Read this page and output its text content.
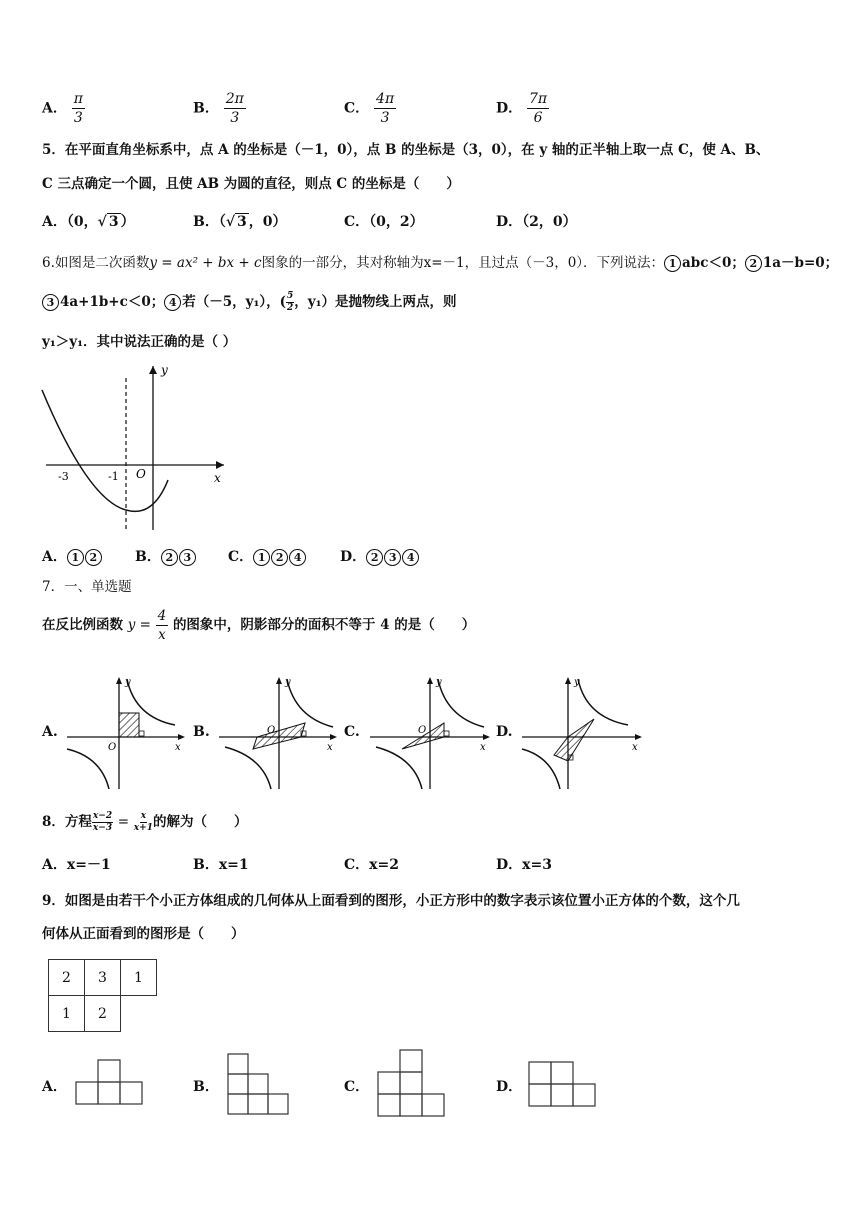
A． $\frac{\pi}{3}$	B． $\frac{2\pi}{3}$	C． $\frac{4\pi}{3}$	D． $\frac{7\pi}{6}$
5．在平面直角坐标系中，点 A 的坐标是（－1，0），点 B 的坐标是（3，0），在 y 轴的正半轴上取一点 C，使 A、B、
C 三点确定一个圆，且使 AB 为圆的直径，则点 C 的坐标是（　　）
A．（0，√ 3 ）	B．（√ 3 ，0）	C．（0，2）	D．（2，0）
6.如图是二次函数y = ax² + bx + c图象的一部分，其对称轴为x=－1，且过点（－3，0）．下列说法： 1 abc＜0； 2 1a－b=0；
3 4a+1b+c＜0； 4 若（－5，y₁），( $\frac{5}{2}$ ，y₁）是抛物线上两点，则
y₁＞y₁．其中说法正确的是（ ）
y
x
O
-3	-1
A． 1 2	B． 2 3	C． 1 2 4	D． 2 3 4
7．一、单选题
在反比例函数 $y = \frac{4}{x}$ 的图象中，阴影部分的面积不等于 4 的是（　　）
A.
y
x
O
B.
y
x
O	C.
y
x
O	D.
y
x
8．方程 $\frac{x-2}{x-3} = \frac{x}{x+1}$ 的解为（　　）
A．x=－1	B．x=1	C．x=2	D．x=3
9．如图是由若干个小正方体组成的几何体从上面看到的图形，小正方形中的数字表示该位置小正方体的个数，这个几
何体从正面看到的图形是（　　）
2	3	1
1	2	
A．	B．	C．	D．
